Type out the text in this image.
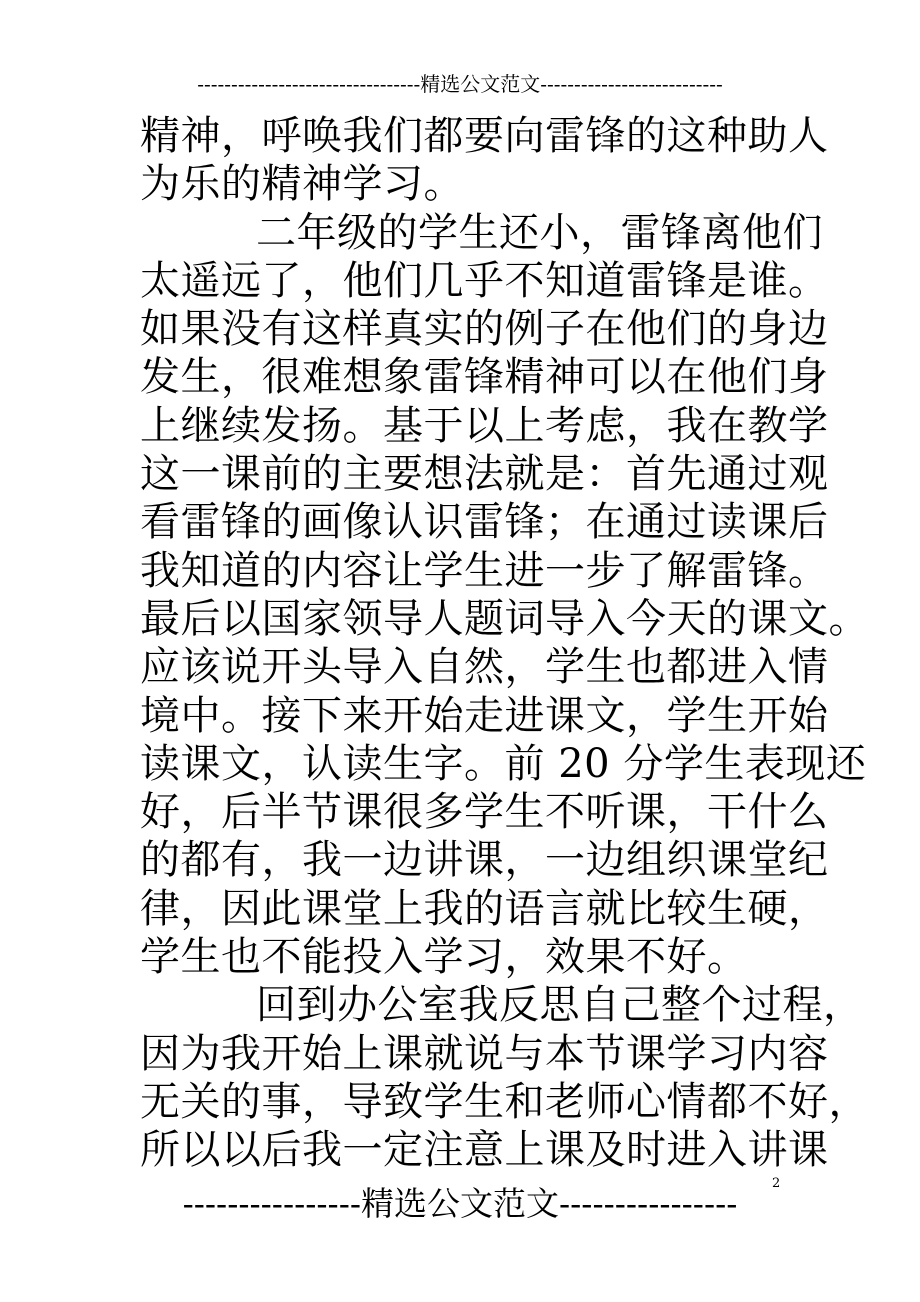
---------------------------------精选公文范文---------------------------
精神，呼唤我们都要向雷锋的这种助人
为乐的精神学习。
二年级的学生还小，雷锋离他们
太遥远了，他们几乎不知道雷锋是谁。
如果没有这样真实的例子在他们的身边
发生，很难想象雷锋精神可以在他们身
上继续发扬。基于以上考虑，我在教学
这一课前的主要想法就是：首先通过观
看雷锋的画像认识雷锋；在通过读课后
我知道的内容让学生进一步了解雷锋。
最后以国家领导人题词导入今天的课文。
应该说开头导入自然，学生也都进入情
境中。接下来开始走进课文，学生开始
读课文，认读生字。前 20 分学生表现还
好，后半节课很多学生不听课，干什么
的都有，我一边讲课，一边组织课堂纪
律，因此课堂上我的语言就比较生硬，
学生也不能投入学习，效果不好。
回到办公室我反思自己整个过程，
因为我开始上课就说与本节课学习内容
无关的事，导致学生和老师心情都不好，
所以以后我一定注意上课及时进入讲课
2
----------------精选公文范文----------------
